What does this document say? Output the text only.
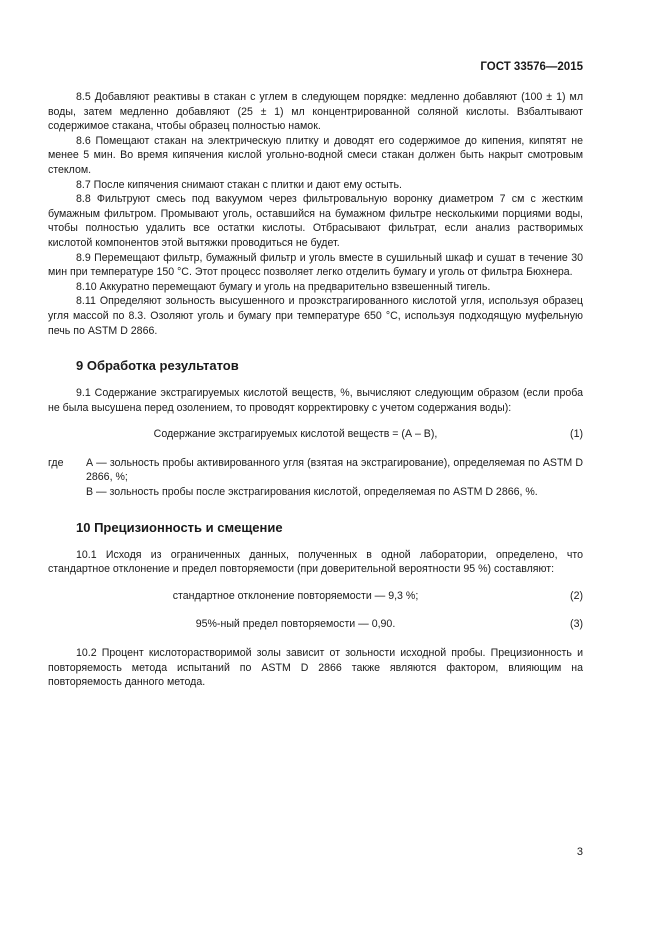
ГОСТ 33576—2015

8.5 Добавляют реактивы в стакан с углем в следующем порядке: медленно добавляют (100 ± 1) мл воды, затем медленно добавляют (25 ± 1) мл концентрированной соляной кислоты. Взбалтывают содержимое стакана, чтобы образец полностью намок.

8.6 Помещают стакан на электрическую плитку и доводят его содержимое до кипения, кипятят не менее 5 мин. Во время кипячения кислой угольно-водной смеси стакан должен быть накрыт смотровым стеклом.

8.7 После кипячения снимают стакан с плитки и дают ему остыть.

8.8 Фильтруют смесь под вакуумом через фильтровальную воронку диаметром 7 см с жестким бумажным фильтром. Промывают уголь, оставшийся на бумажном фильтре несколькими порциями воды, чтобы полностью удалить все остатки кислоты. Отбрасывают фильтрат, если анализ растворимых кислотой компонентов этой вытяжки проводиться не будет.

8.9 Перемещают фильтр, бумажный фильтр и уголь вместе в сушильный шкаф и сушат в течение 30 мин при температуре 150 °С. Этот процесс позволяет легко отделить бумагу и уголь от фильтра Бюхнера.

8.10 Аккуратно перемещают бумагу и уголь на предварительно взвешенный тигель.

8.11 Определяют зольность высушенного и проэкстрагированного кислотой угля, используя образец угля массой по 8.3. Озоляют уголь и бумагу при температуре 650 °С, используя подходящую муфельную печь по ASTM D 2866.

9 Обработка результатов

9.1 Содержание экстрагируемых кислотой веществ, %, вычисляют следующим образом (если проба не была высушена перед озолением, то проводят корректировку с учетом содержания воды):

Содержание экстрагируемых кислотой веществ = (А – В),	(1)
где	А — зольность пробы активированного угля (взятая на экстрагирование), определяемая по ASTM D 2866, %;
В — зольность пробы после экстрагирования кислотой, определяемая по ASTM D 2866, %.
10 Прецизионность и смещение

10.1 Исходя из ограниченных данных, полученных в одной лаборатории, определено, что стандартное отклонение и предел повторяемости (при доверительной вероятности 95 %) составляют:

стандартное отклонение повторяемости — 9,3 %;	(2)
95%-ный предел повторяемости — 0,90.	(3)

10.2 Процент кислоторастворимой золы зависит от зольности исходной пробы. Прецизионность и повторяемость метода испытаний по ASTM D 2866 также являются фактором, влияющим на повторяемость данного метода.

3
